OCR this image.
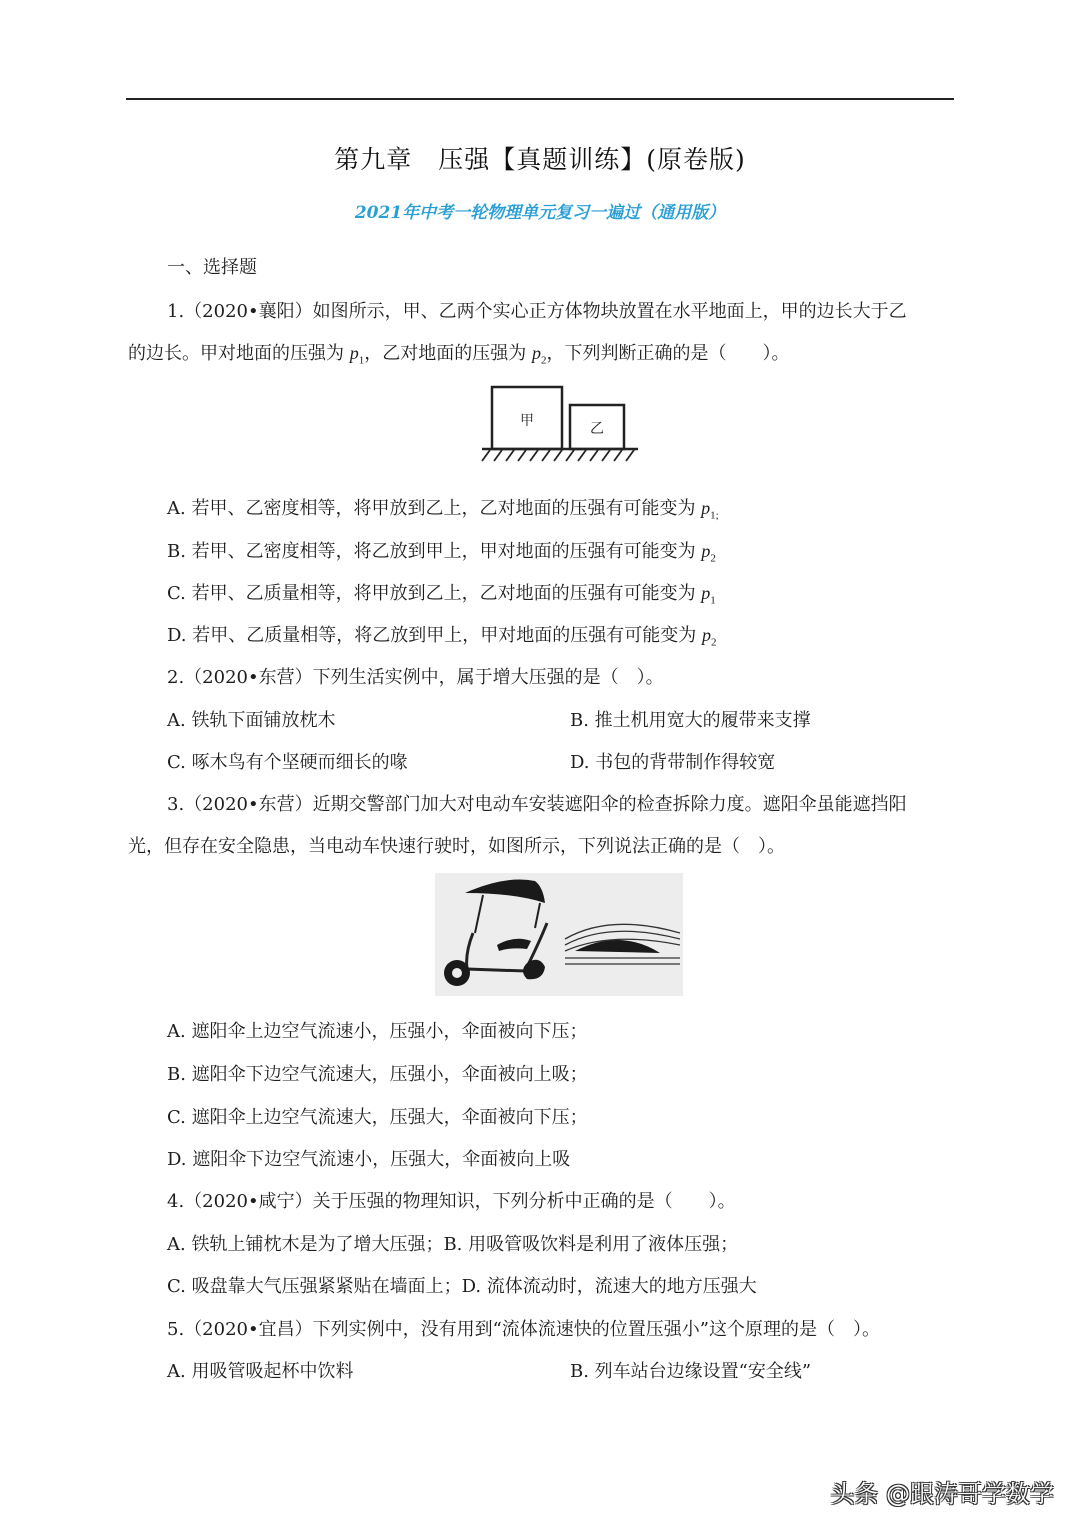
第九章　压强【真题训练】(原卷版)
2021年中考一轮物理单元复习一遍过（通用版）
一、选择题
1.（2020•襄阳）如图所示，甲、乙两个实心正方体物块放置在水平地面上，甲的边长大于乙
的边长。甲对地面的压强为 $p_1$，乙对地面的压强为 $p_2$，下列判断正确的是（　　）。
甲	乙
A. 若甲、乙密度相等，将甲放到乙上，乙对地面的压强有可能变为 $p_{1;}$
B. 若甲、乙密度相等，将乙放到甲上，甲对地面的压强有可能变为 $p_2$
C. 若甲、乙质量相等，将甲放到乙上，乙对地面的压强有可能变为 $p_1$
D. 若甲、乙质量相等，将乙放到甲上，甲对地面的压强有可能变为 $p_2$
2.（2020•东营）下列生活实例中，属于增大压强的是（　）。
A. 铁轨下面铺放枕木	B. 推土机用宽大的履带来支撑
C. 啄木鸟有个坚硬而细长的喙	D. 书包的背带制作得较宽
3.（2020•东营）近期交警部门加大对电动车安装遮阳伞的检查拆除力度。遮阳伞虽能遮挡阳
光，但存在安全隐患，当电动车快速行驶时，如图所示，下列说法正确的是（　）。
A. 遮阳伞上边空气流速小，压强小，伞面被向下压；
B. 遮阳伞下边空气流速大，压强小，伞面被向上吸；
C. 遮阳伞上边空气流速大，压强大，伞面被向下压；
D. 遮阳伞下边空气流速小，压强大，伞面被向上吸
4.（2020•咸宁）关于压强的物理知识，下列分析中正确的是（　　）。
A. 铁轨上铺枕木是为了增大压强；B. 用吸管吸饮料是利用了液体压强；
C. 吸盘靠大气压强紧紧贴在墙面上；D. 流体流动时，流速大的地方压强大
5.（2020•宜昌）下列实例中，没有用到“流体流速快的位置压强小”这个原理的是（　）。
A. 用吸管吸起杯中饮料	B. 列车站台边缘设置“安全线”
头条 @跟涛哥学数学
